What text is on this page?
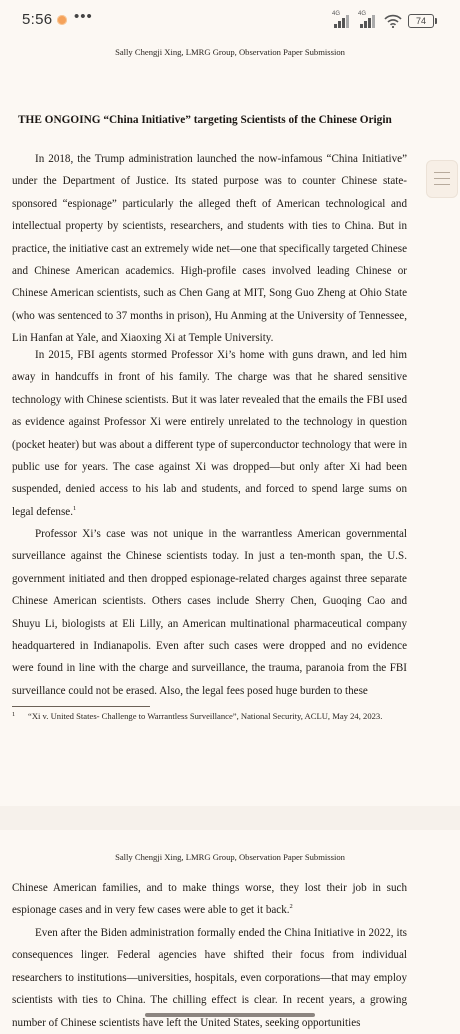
5:56 •••	4G	4G
74
Sally Chengji Xing, LMRG Group, Observation Paper Submission
THE ONGOING “China Initiative” targeting Scientists of the Chinese Origin

In 2018, the Trump administration launched the now-infamous “China Initiative” under the Department of Justice. Its stated purpose was to counter Chinese state-sponsored “espionage” particularly the alleged theft of American technological and intellectual property by scientists, researchers, and students with ties to China. But in practice, the initiative cast an extremely wide net—one that specifically targeted Chinese and Chinese American academics. High-profile cases involved leading Chinese or Chinese American scientists, such as Chen Gang at MIT, Song Guo Zheng at Ohio State (who was sentenced to 37 months in prison), Hu Anming at the University of Tennessee, Lin Hanfan at Yale, and Xiaoxing Xi at Temple University.

In 2015, FBI agents stormed Professor Xi’s home with guns drawn, and led him away in handcuffs in front of his family. The charge was that he shared sensitive technology with Chinese scientists. But it was later revealed that the emails the FBI used as evidence against Professor Xi were entirely unrelated to the technology in question (pocket heater) but was about a different type of superconductor technology that were in public use for years. The case against Xi was dropped—but only after Xi had been suspended, denied access to his lab and students, and forced to spend large sums on legal defense.$^1$

Professor Xi’s case was not unique in the warrantless American governmental surveillance against the Chinese scientists today. In just a ten-month span, the U.S. government initiated and then dropped espionage-related charges against three separate Chinese American scientists. Others cases include Sherry Chen, Guoqing Cao and Shuyu Li, biologists at Eli Lilly, an American multinational pharmaceutical company headquartered in Indianapolis. Even after such cases were dropped and no evidence were found in line with the charge and surveillance, the trauma, paranoia from the FBI surveillance could not be erased. Also, the legal fees posed huge burden to these

1 “Xi v. United States- Challenge to Warrantless Surveillance”, National Security, ACLU, May 24, 2023.
Sally Chengji Xing, LMRG Group, Observation Paper Submission

Chinese American families, and to make things worse, they lost their job in such espionage cases and in very few cases were able to get it back.$^2$

Even after the Biden administration formally ended the China Initiative in 2022, its consequences linger. Federal agencies have shifted their focus from individual researchers to institutions—universities, hospitals, even corporations—that may employ scientists with ties to China. The chilling effect is clear. In recent years, a growing number of Chinese scientists have left the United States, seeking opportunities
